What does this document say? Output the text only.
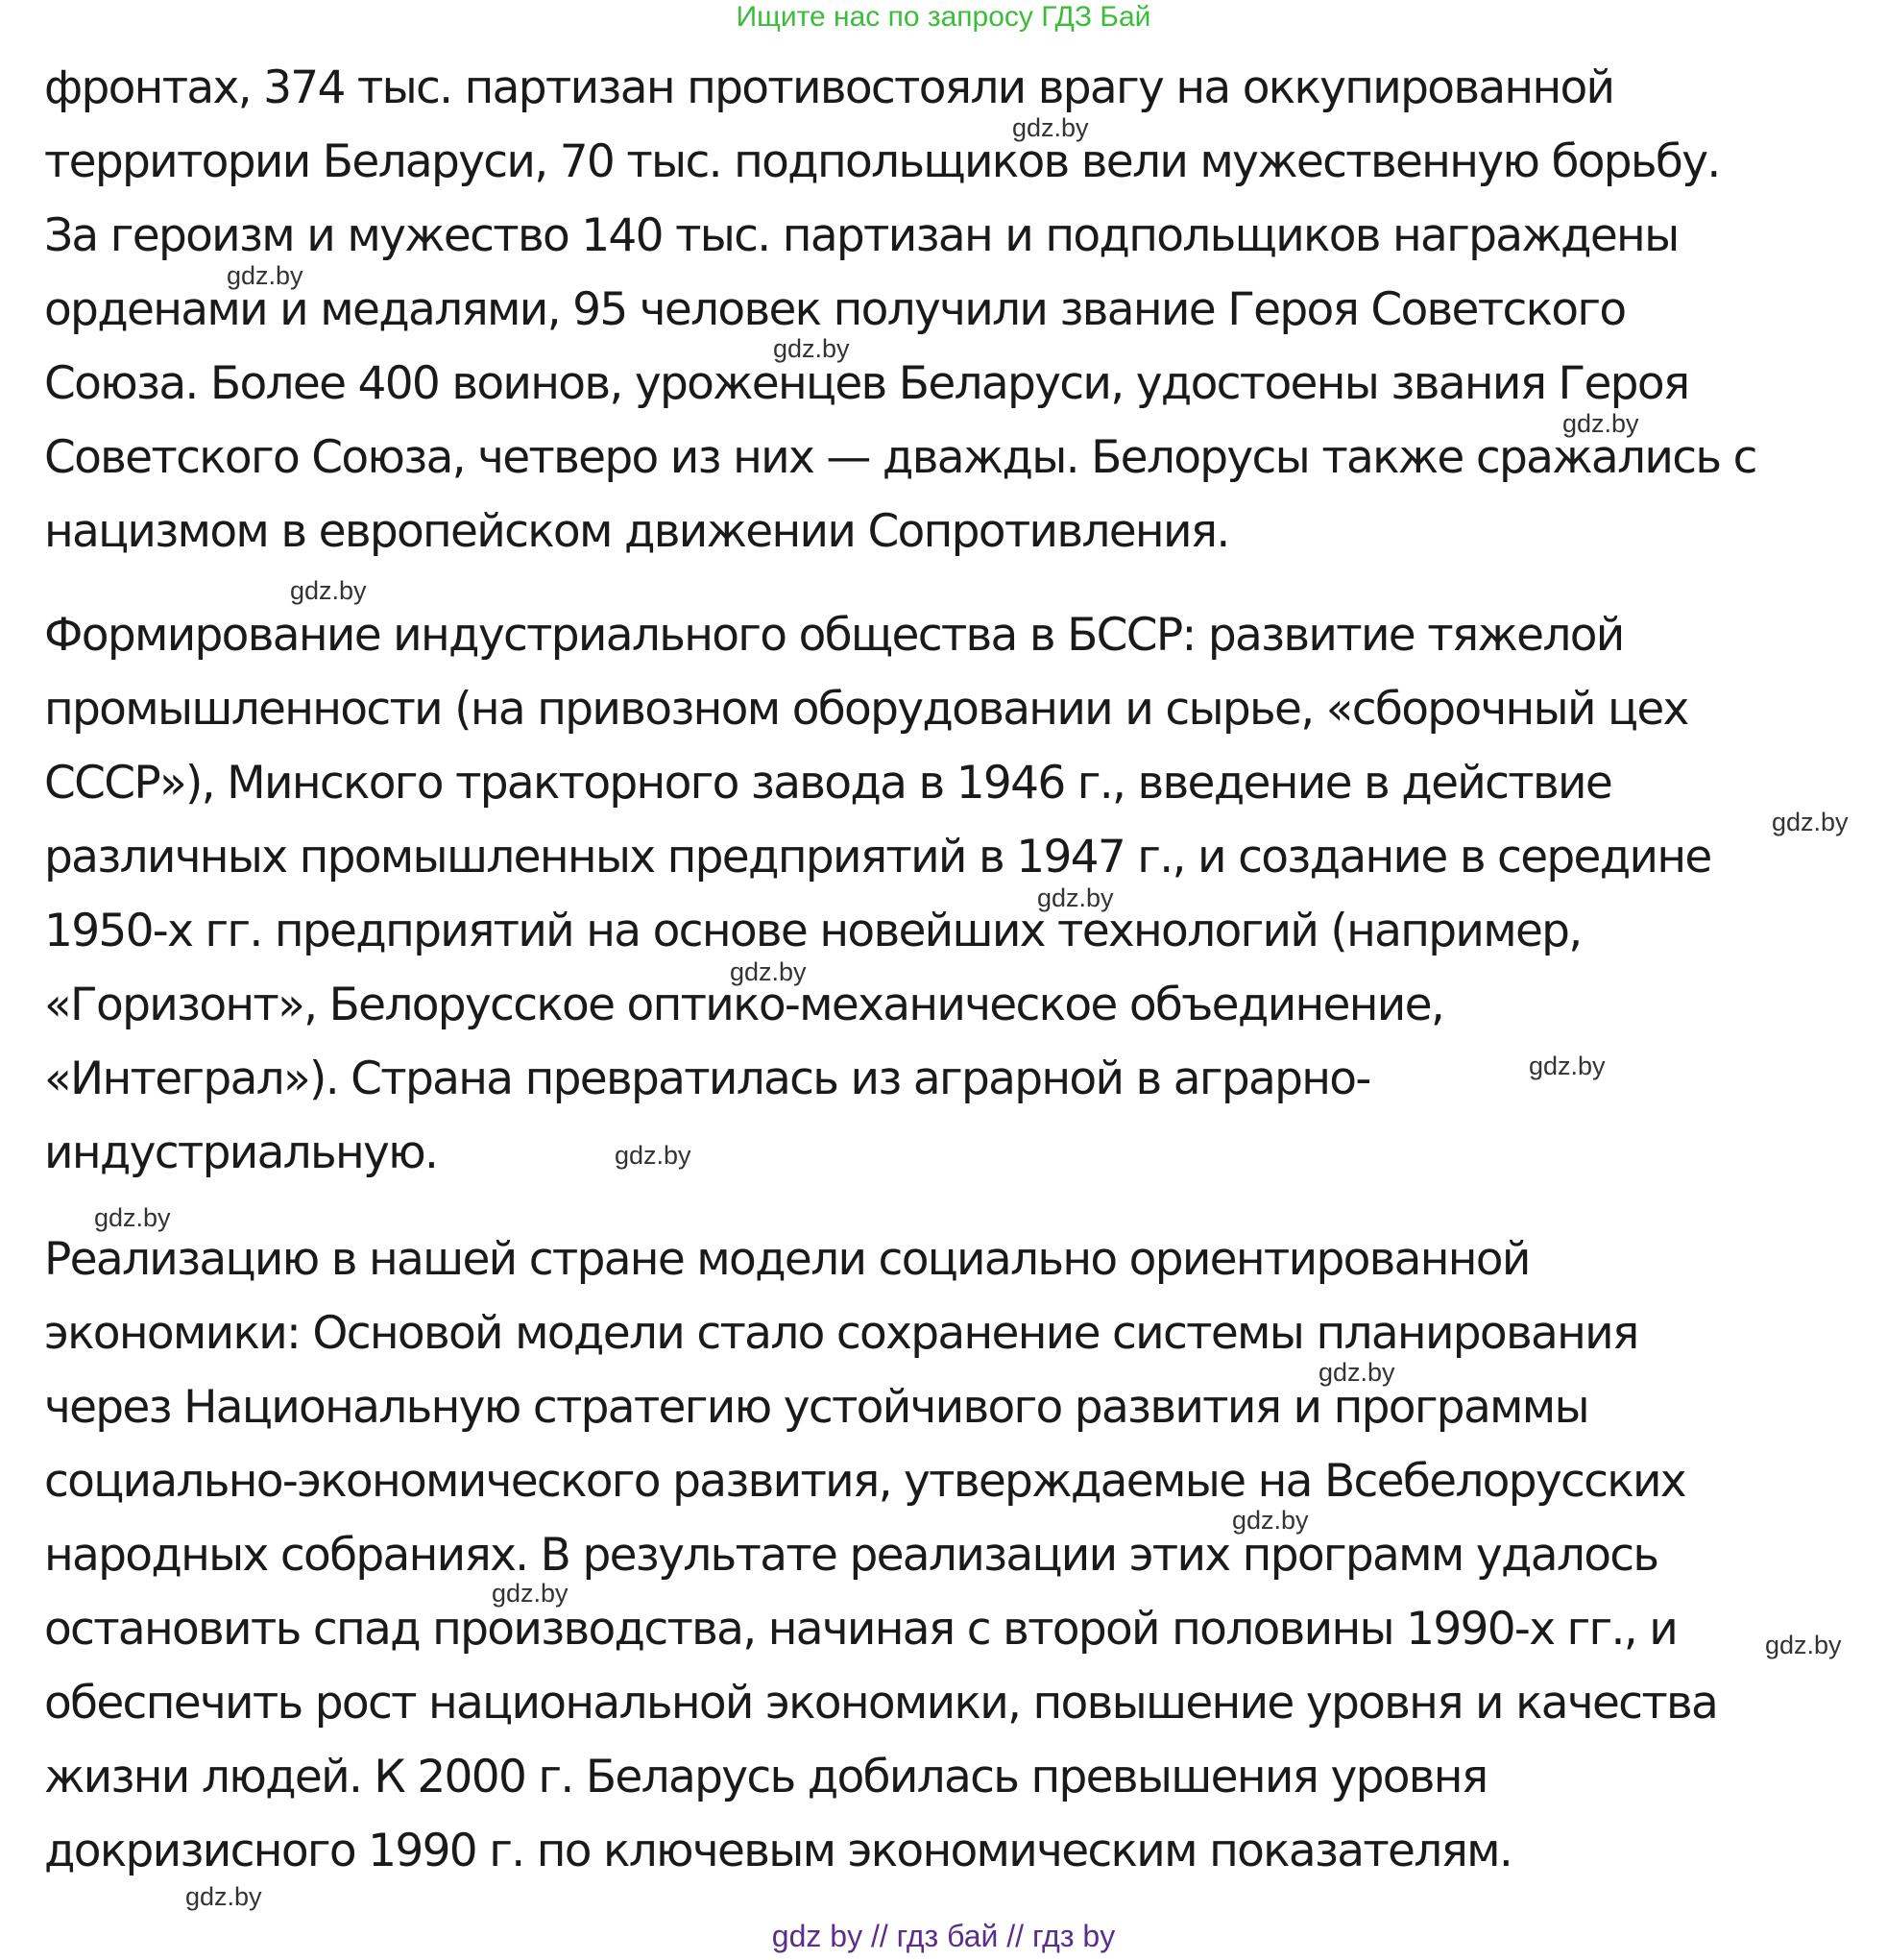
Ищите нас по запросу ГДЗ Бай
фронтах, 374 тыс. партизан противостояли врагу на оккупированной
территории Беларуси, 70 тыс. подпольщиков вели мужественную борьбу.
За героизм и мужество 140 тыс. партизан и подпольщиков награждены
орденами и медалями, 95 человек получили звание Героя Советского
Союза. Более 400 воинов, уроженцев Беларуси, удостоены звания Героя
Советского Союза, четверо из них — дважды. Белорусы также сражались с
нацизмом в европейском движении Сопротивления.
Формирование индустриального общества в БССР: развитие тяжелой
промышленности (на привозном оборудовании и сырье, «сборочный цех
СССР»), Минского тракторного завода в 1946 г., введение в действие
различных промышленных предприятий в 1947 г., и создание в середине
1950-х гг. предприятий на основе новейших технологий (например,
«Горизонт», Белорусское оптико-механическое объединение,
«Интеграл»). Страна превратилась из аграрной в аграрно-
индустриальную.
Реализацию в нашей стране модели социально ориентированной
экономики: Основой модели стало сохранение системы планирования
через Национальную стратегию устойчивого развития и программы
социально-экономического развития, утверждаемые на Всебелорусских
народных собраниях. В результате реализации этих программ удалось
остановить спад производства, начиная с второй половины 1990-х гг., и
обеспечить рост национальной экономики, повышение уровня и качества
жизни людей. К 2000 г. Беларусь добилась превышения уровня
докризисного 1990 г. по ключевым экономическим показателям.
gdz.by
gdz.by
gdz.by
gdz.by
gdz.by
gdz.by
gdz.by
gdz.by
gdz.by
gdz.by
gdz.by
gdz.by
gdz.by
gdz.by
gdz.by
gdz.by
gdz by // гдз бай // гдз by
